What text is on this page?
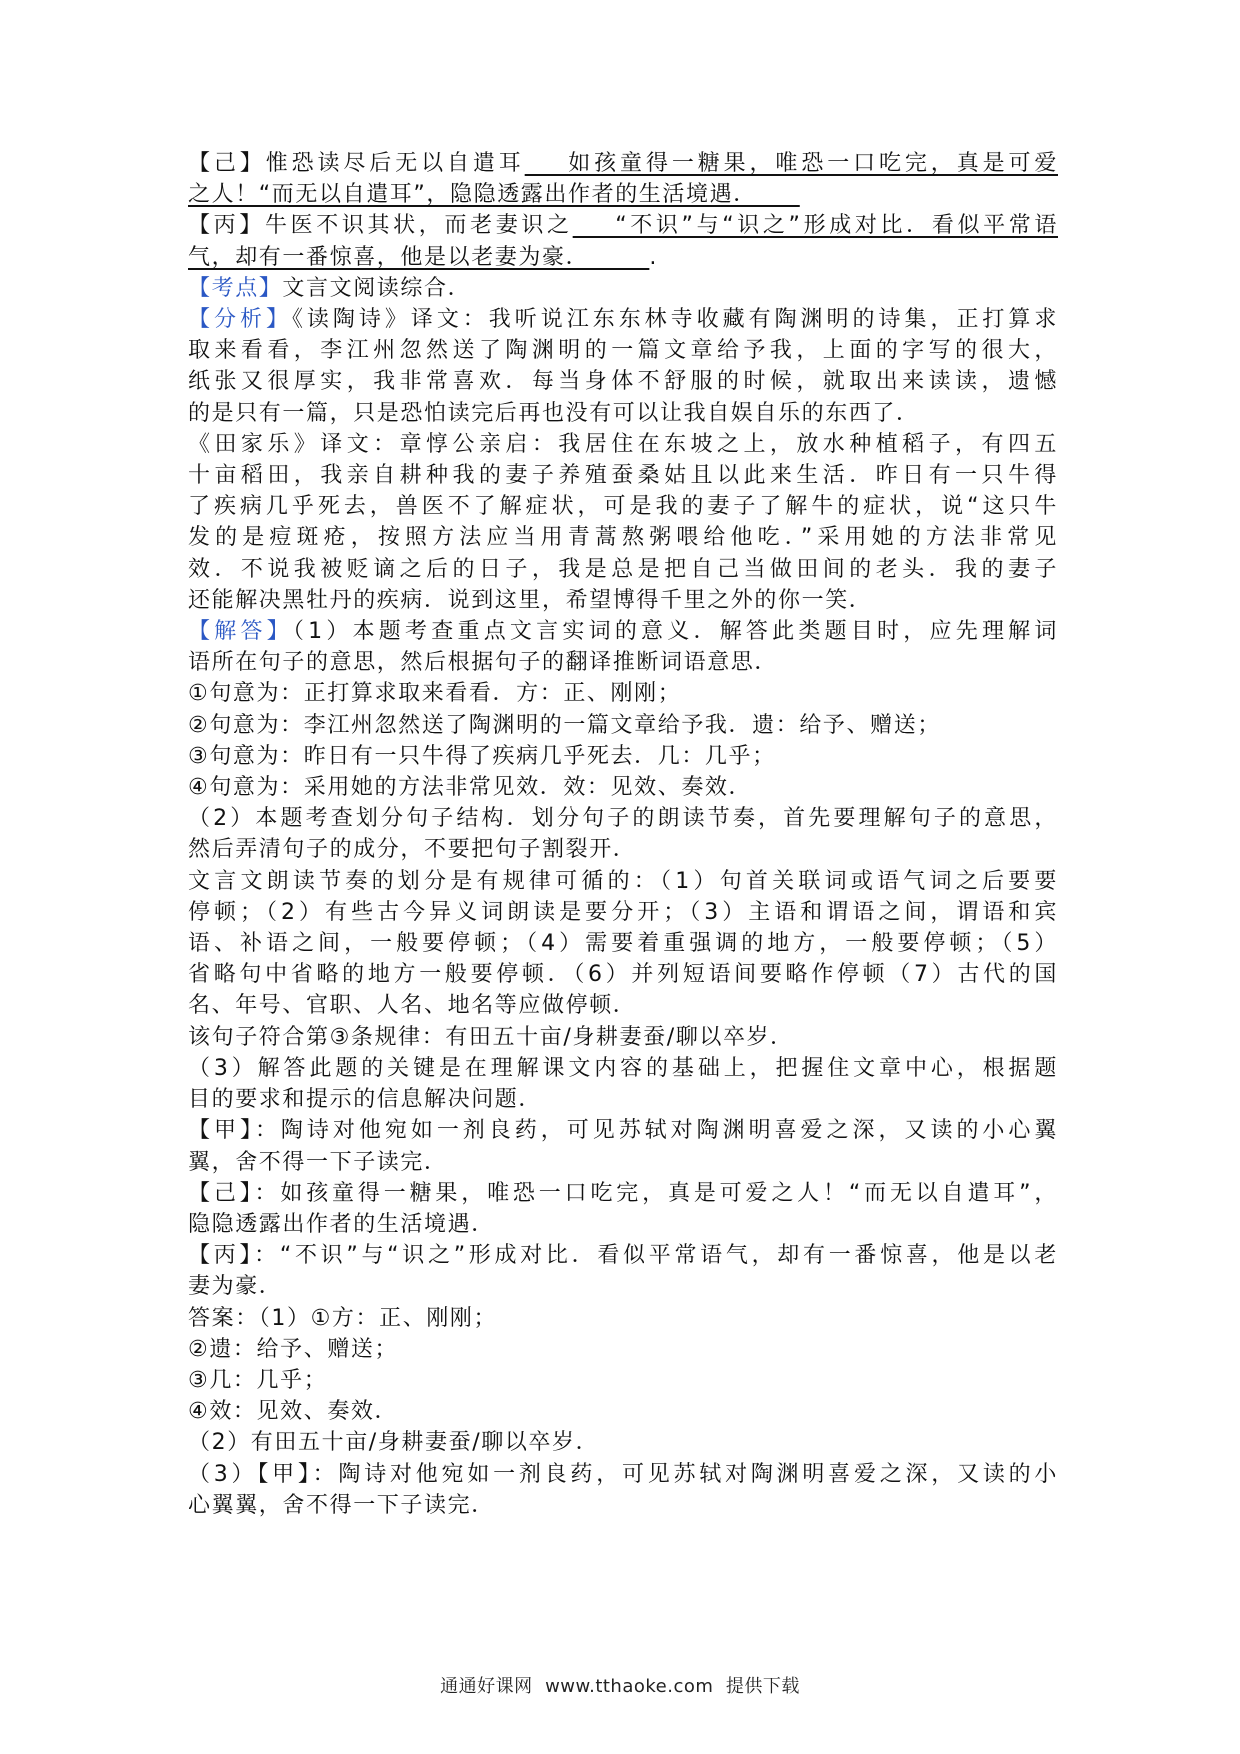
【己】惟恐读尽后无以自遣耳    如孩童得一糖果，唯恐一口吃完，真是可爱
之人！“而无以自遣耳”，隐隐透露出作者的生活境遇．
【丙】牛医不识其状，而老妻识之    “不识”与“识之”形成对比．看似平常语
气，却有一番惊喜，他是以老妻为豪．       .
【考点】文言文阅读综合．
【分析】《读陶诗》译文：我听说江东东林寺收藏有陶渊明的诗集，正打算求
取来看看，李江州忽然送了陶渊明的一篇文章给予我，上面的字写的很大，
纸张又很厚实，我非常喜欢．每当身体不舒服的时候，就取出来读读，遗憾
的是只有一篇，只是恐怕读完后再也没有可以让我自娱自乐的东西了．
《田家乐》译文：章惇公亲启：我居住在东坡之上，放水种植稻子，有四五
十亩稻田，我亲自耕种我的妻子养殖蚕桑姑且以此来生活．昨日有一只牛得
了疾病几乎死去，兽医不了解症状，可是我的妻子了解牛的症状，说“这只牛
发的是痘斑疮，按照方法应当用青蒿熬粥喂给他吃．”采用她的方法非常见
效．不说我被贬谪之后的日子，我是总是把自己当做田间的老头．我的妻子
还能解决黑牡丹的疾病．说到这里，希望博得千里之外的你一笑．
【解答】（1）本题考查重点文言实词的意义．解答此类题目时，应先理解词
语所在句子的意思，然后根据句子的翻译推断词语意思．
①句意为：正打算求取来看看．方：正、刚刚；
②句意为：李江州忽然送了陶渊明的一篇文章给予我．遗：给予、赠送；
③句意为：昨日有一只牛得了疾病几乎死去．几：几乎；
④句意为：采用她的方法非常见效．效：见效、奏效．
（2）本题考查划分句子结构．划分句子的朗读节奏，首先要理解句子的意思，
然后弄清句子的成分，不要把句子割裂开．
文言文朗读节奏的划分是有规律可循的：（1）句首关联词或语气词之后要要
停顿；（2）有些古今异义词朗读是要分开；（3）主语和谓语之间，谓语和宾
语、补语之间，一般要停顿；（4）需要着重强调的地方，一般要停顿；（5）
省略句中省略的地方一般要停顿．（6）并列短语间要略作停顿（7）古代的国
名、年号、官职、人名、地名等应做停顿．
该句子符合第③条规律：有田五十亩/身耕妻蚕/聊以卒岁．
（3）解答此题的关键是在理解课文内容的基础上，把握住文章中心，根据题
目的要求和提示的信息解决问题．
【甲】：陶诗对他宛如一剂良药，可见苏轼对陶渊明喜爱之深，又读的小心翼
翼，舍不得一下子读完．
【己】：如孩童得一糖果，唯恐一口吃完，真是可爱之人！“而无以自遣耳”，
隐隐透露出作者的生活境遇．
【丙】：“不识”与“识之”形成对比．看似平常语气，却有一番惊喜，他是以老
妻为豪．
答案：（1）①方：正、刚刚；
②遗：给予、赠送；
③几：几乎；
④效：见效、奏效．
（2）有田五十亩/身耕妻蚕/聊以卒岁．
（3）【甲】：陶诗对他宛如一剂良药，可见苏轼对陶渊明喜爱之深，又读的小
心翼翼，舍不得一下子读完．
通通好课网  www.tthaoke.com  提供下载
